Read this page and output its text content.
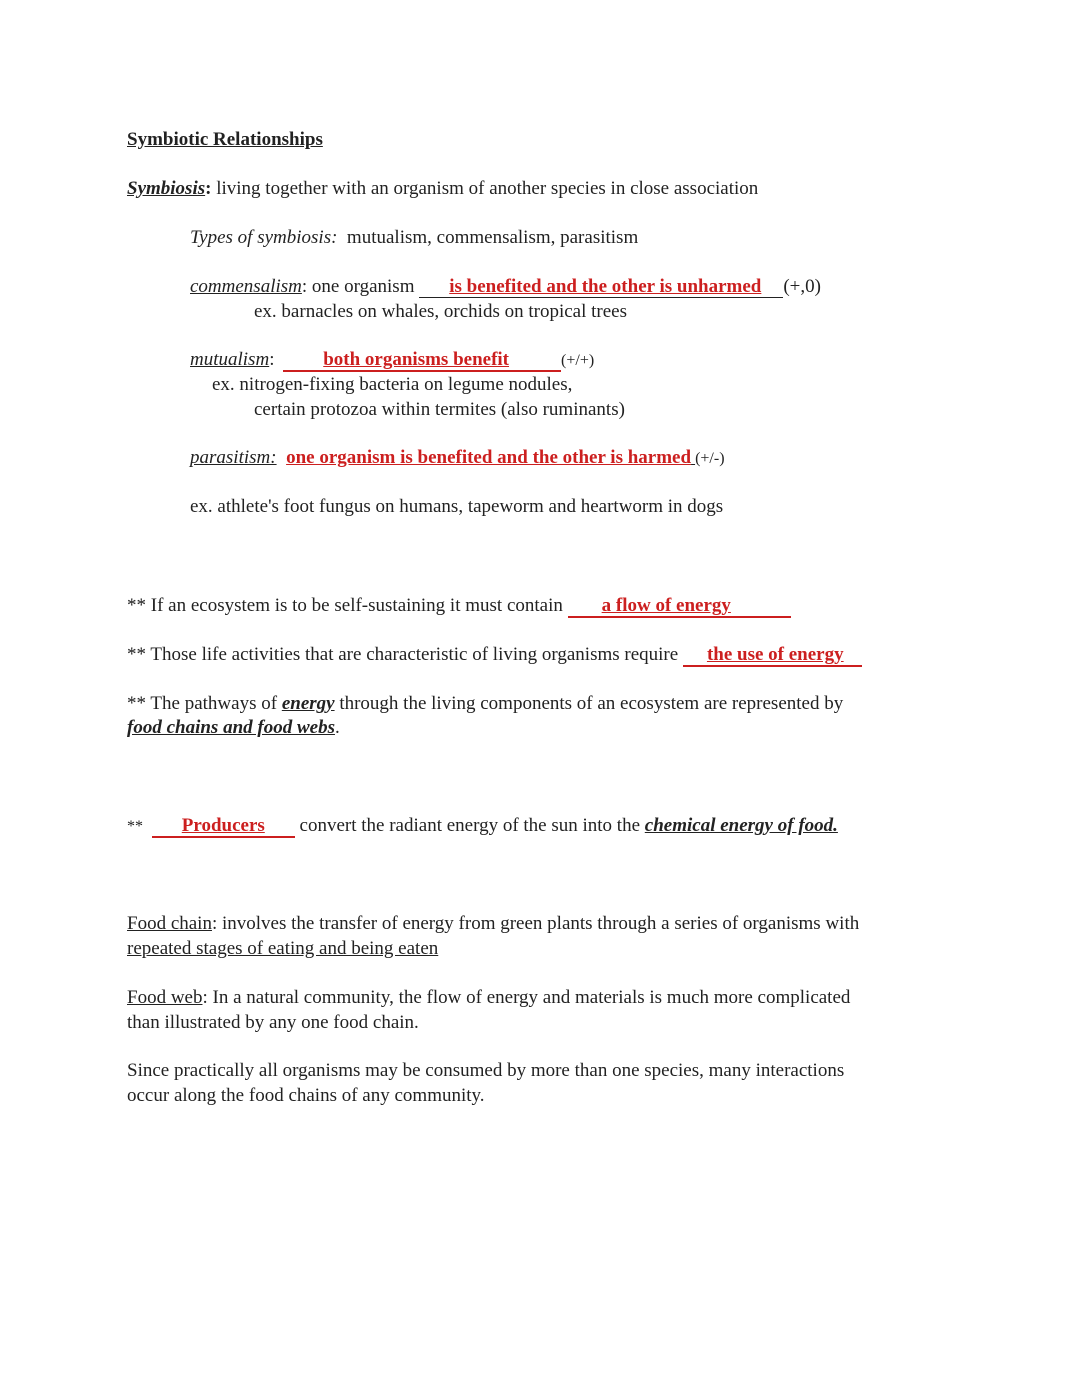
Symbiotic Relationships
Symbiosis: living together with an organism of another species in close association
Types of symbiosis: mutualism, commensalism, parasitism
commensalism: one organism is benefited and the other is unharmed (+,0)
ex. barnacles on whales, orchids on tropical trees
mutualism: both organisms benefit	(+/+)
ex. nitrogen-fixing bacteria on legume nodules,
certain protozoa within termites (also ruminants)
parasitism: one organism is benefited and the other is harmed (+/-)
ex. athlete's foot fungus on humans, tapeworm and heartworm in dogs
** If an ecosystem is to be self-sustaining it must contain a flow of energy
** Those life activities that are characteristic of living organisms require the use of energy
** The pathways of energy through the living components of an ecosystem are represented by
food chains and food webs.
** Producers convert the radiant energy of the sun into the chemical energy of food.
Food chain: involves the transfer of energy from green plants through a series of organisms with
repeated stages of eating and being eaten
Food web: In a natural community, the flow of energy and materials is much more complicated
than illustrated by any one food chain.
Since practically all organisms may be consumed by more than one species, many interactions
occur along the food chains of any community.
